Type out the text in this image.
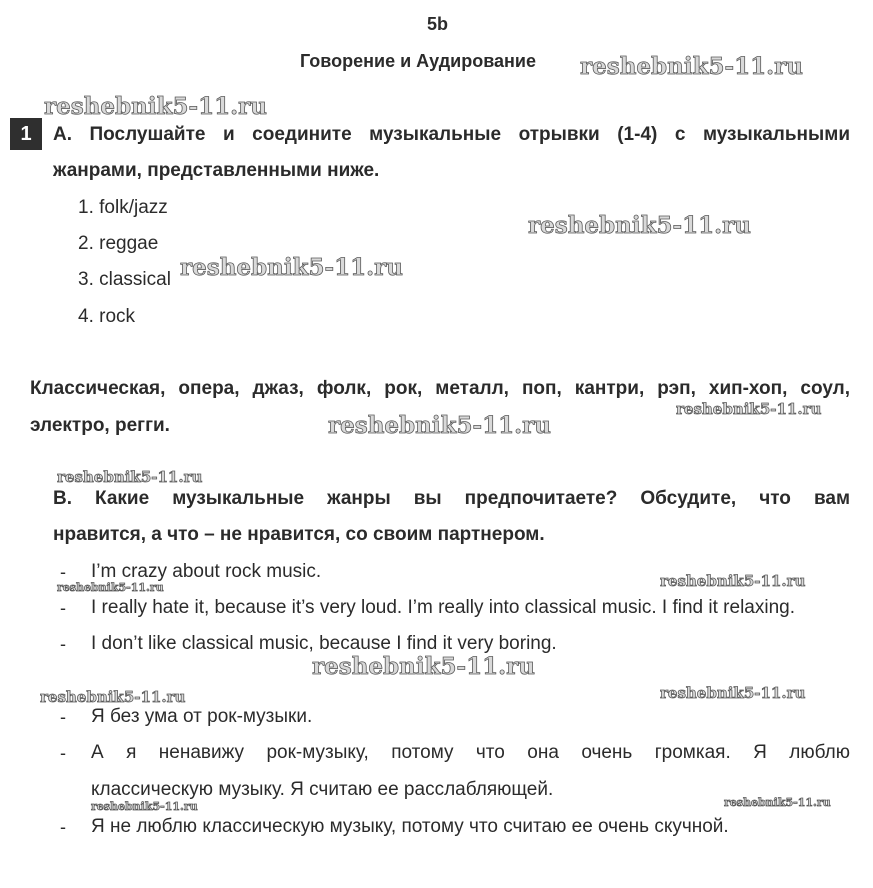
5b
Говорение и Аудирование
1	A. Послушайте и соедините музыкальные отрывки (1-4) с музыкальными
жанрами, представленными ниже.
1. folk/jazz
2. reggae
3. classical
4. rock
Классическая, опера, джаз, фолк, рок, металл, поп, кантри, рэп, хип-хоп, соул,
электро, регги.
B. Какие музыкальные жанры вы предпочитаете? Обсудите, что вам
нравится, а что – не нравится, со своим партнером.
- I’m crazy about rock music.
- I really hate it, because it’s very loud. I’m really into classical music. I find it relaxing.
- I don’t like classical music, because I find it very boring.
- Я без ума от рок-музыки.
- А я ненавижу рок-музыку, потому что она очень громкая. Я люблю
классическую музыку. Я считаю ее расслабляющей.
- Я не люблю классическую музыку, потому что считаю ее очень скучной.
reshebnik5-11.ru
reshebnik5-11.ru
reshebnik5-11.ru
reshebnik5-11.ru
reshebnik5-11.ru
reshebnik5-11.ru
reshebnik5-11.ru
reshebnik5-11.ru	reshebnik5-11.ru
reshebnik5-11.ru
reshebnik5-11.ru	reshebnik5-11.ru
reshebnik5-11.ru	reshebnik5-11.ru
